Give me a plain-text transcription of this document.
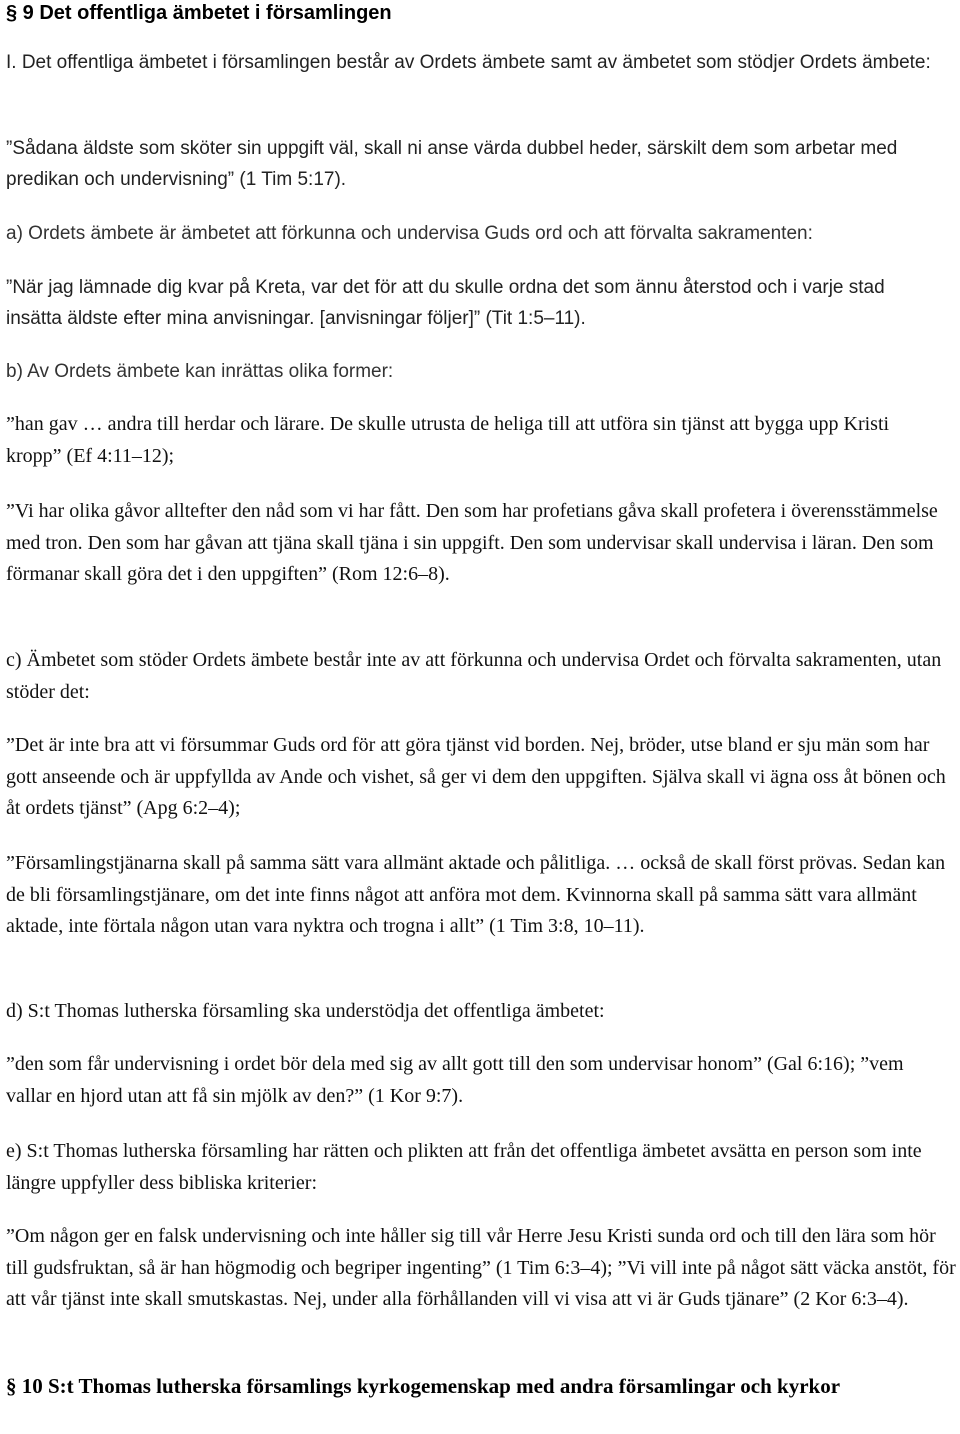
§ 9 Det offentliga ämbetet i församlingen

I. Det offentliga ämbetet i församlingen består av Ordets ämbete samt av ämbetet som stödjer Ordets ämbete:

”Sådana äldste som sköter sin uppgift väl, skall ni anse värda dubbel heder, särskilt dem som arbetar med predikan och undervisning” (1 Tim 5:17).

a) Ordets ämbete är ämbetet att förkunna och undervisa Guds ord och att förvalta sakramenten:

”När jag lämnade dig kvar på Kreta, var det för att du skulle ordna det som ännu återstod och i varje stad insätta äldste efter mina anvisningar. [anvisningar följer]” (Tit 1:5–11).

b) Av Ordets ämbete kan inrättas olika former:

”han gav … andra till herdar och lärare. De skulle utrusta de heliga till att utföra sin tjänst att bygga upp Kristi kropp” (Ef 4:11–12);

”Vi har olika gåvor alltefter den nåd som vi har fått. Den som har profetians gåva skall profetera i överensstämmelse med tron. Den som har gåvan att tjäna skall tjäna i sin uppgift. Den som undervisar skall undervisa i läran. Den som förmanar skall göra det i den uppgiften” (Rom 12:6–8).

c) Ämbetet som stöder Ordets ämbete består inte av att förkunna och undervisa Ordet och förvalta sakramenten, utan stöder det:

”Det är inte bra att vi försummar Guds ord för att göra tjänst vid borden. Nej, bröder, utse bland er sju män som har gott anseende och är uppfyllda av Ande och vishet, så ger vi dem den uppgiften. Själva skall vi ägna oss åt bönen och åt ordets tjänst” (Apg 6:2–4);

”Församlingstjänarna skall på samma sätt vara allmänt aktade och pålitliga. … också de skall först prövas. Sedan kan de bli församlingstjänare, om det inte finns något att anföra mot dem. Kvinnorna skall på samma sätt vara allmänt aktade, inte förtala någon utan vara nyktra och trogna i allt” (1 Tim 3:8, 10–11).

d) S:t Thomas lutherska församling ska understödja det offentliga ämbetet:

”den som får undervisning i ordet bör dela med sig av allt gott till den som undervisar honom” (Gal 6:16); ”vem vallar en hjord utan att få sin mjölk av den?” (1 Kor 9:7).

e) S:t Thomas lutherska församling har rätten och plikten att från det offentliga ämbetet avsätta en person som inte längre uppfyller dess bibliska kriterier:

”Om någon ger en falsk undervisning och inte håller sig till vår Herre Jesu Kristi sunda ord och till den lära som hör till gudsfruktan, så är han högmodig och begriper ingenting” (1 Tim 6:3–4); ”Vi vill inte på något sätt väcka anstöt, för att vår tjänst inte skall smutskastas. Nej, under alla förhållanden vill vi visa att vi är Guds tjänare” (2 Kor 6:3–4).

§ 10 S:t Thomas lutherska församlings kyrkogemenskap med andra församlingar och kyrkor
